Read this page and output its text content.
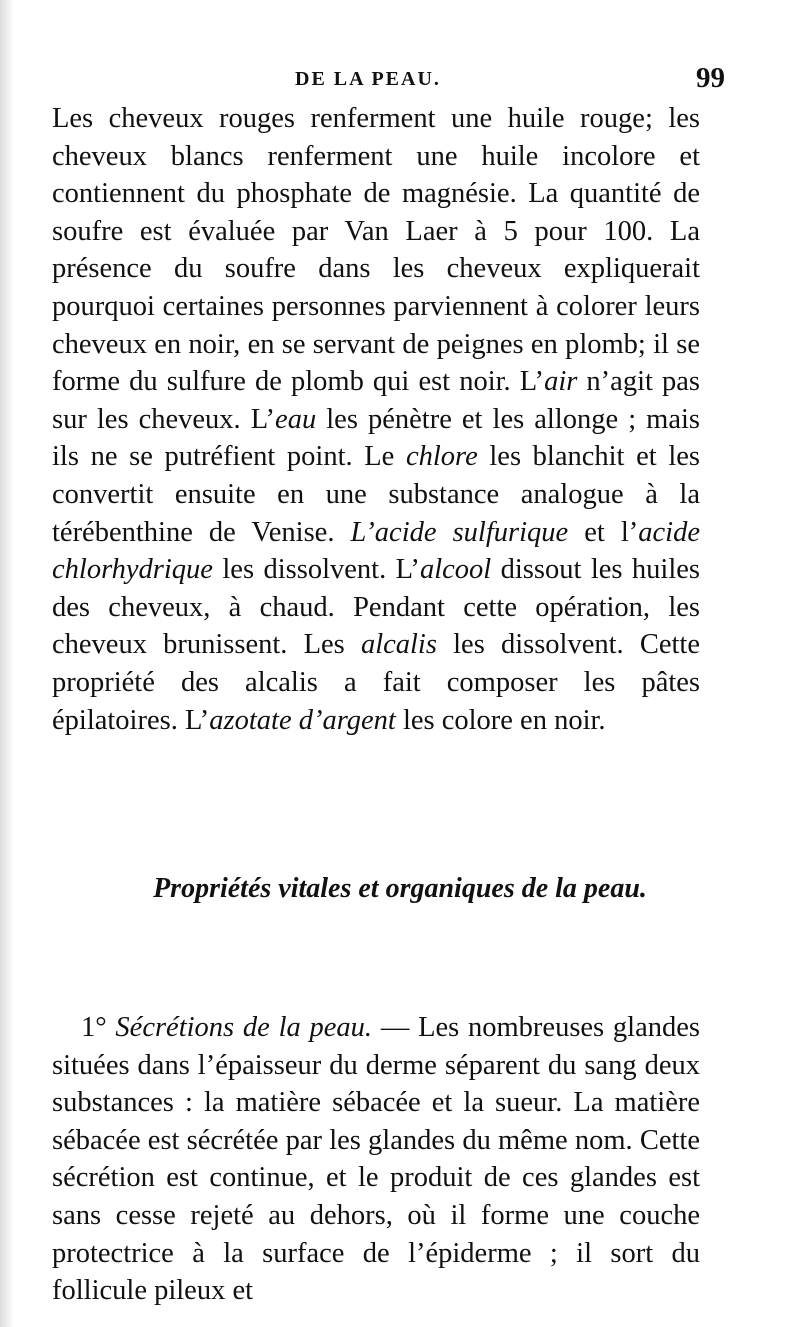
DE LA PEAU.	99

Les cheveux rouges renferment une huile rouge; les cheveux blancs renferment une huile incolore et contiennent du phosphate de magnésie. La quantité de soufre est évaluée par Van Laer à 5 pour 100. La présence du soufre dans les cheveux expliquerait pourquoi certaines personnes parviennent à colorer leurs cheveux en noir, en se servant de peignes en plomb; il se forme du sulfure de plomb qui est noir. L’air n’agit pas sur les cheveux. L’eau les pénètre et les allonge ; mais ils ne se putréfient point. Le chlore les blanchit et les convertit ensuite en une substance analogue à la térébenthine de Venise. L’acide sulfurique et l’acide chlorhydrique les dissolvent. L’alcool dissout les huiles des cheveux, à chaud. Pendant cette opération, les cheveux brunissent. Les alcalis les dissolvent. Cette propriété des alcalis a fait composer les pâtes épilatoires. L’azotate d’argent les colore en noir.

Propriétés vitales et organiques de la peau.

1° Sécrétions de la peau. — Les nombreuses glandes situées dans l’épaisseur du derme séparent du sang deux substances : la matière sébacée et la sueur. La matière sébacée est sécrétée par les glandes du même nom. Cette sécrétion est continue, et le produit de ces glandes est sans cesse rejeté au dehors, où il forme une couche protectrice à la surface de l’épiderme ; il sort du follicule pileux et
